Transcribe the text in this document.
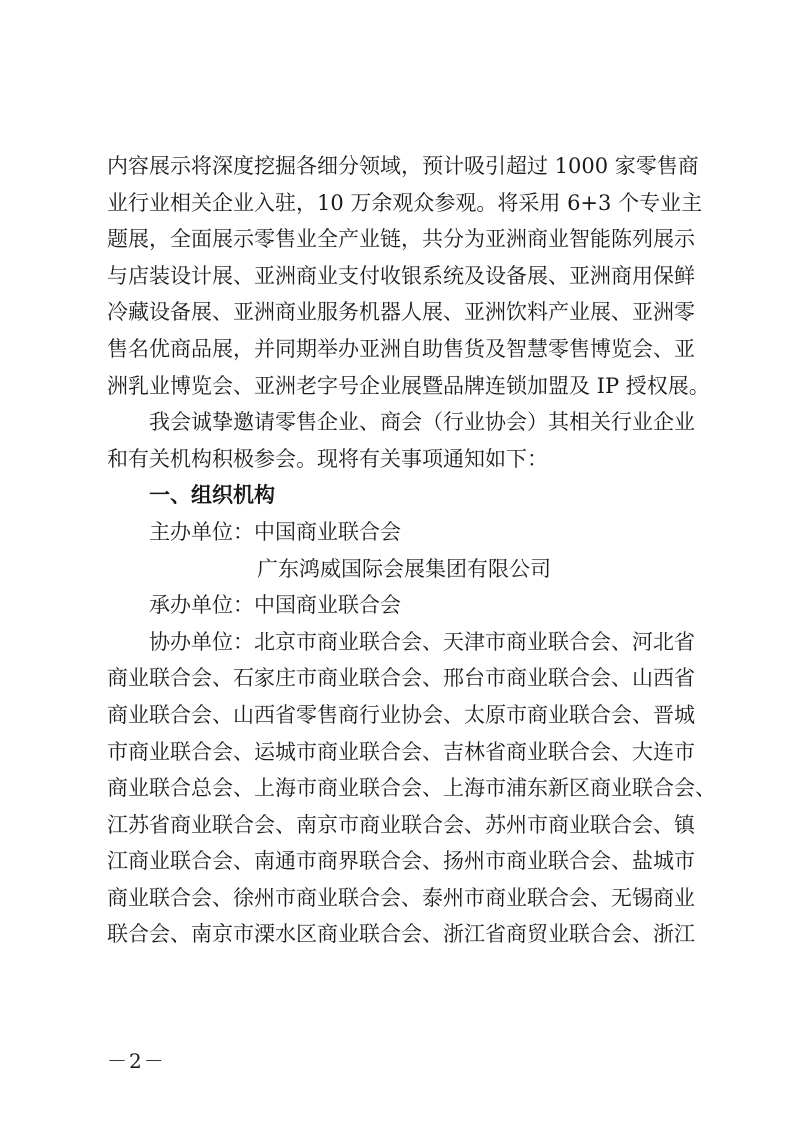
内容展示将深度挖掘各细分领域，预计吸引超过 1000 家零售商
业行业相关企业入驻，10 万余观众参观。将采用 6+3 个专业主
题展，全面展示零售业全产业链，共分为亚洲商业智能陈列展示
与店装设计展、亚洲商业支付收银系统及设备展、亚洲商用保鲜
冷藏设备展、亚洲商业服务机器人展、亚洲饮料产业展、亚洲零
售名优商品展，并同期举办亚洲自助售货及智慧零售博览会、亚
洲乳业博览会、亚洲老字号企业展暨品牌连锁加盟及 IP 授权展。
我会诚挚邀请零售企业、商会（行业协会）其相关行业企业
和有关机构积极参会。现将有关事项通知如下：
一、组织机构
主办单位：中国商业联合会
广东鸿威国际会展集团有限公司
承办单位：中国商业联合会
协办单位：北京市商业联合会、天津市商业联合会、河北省
商业联合会、石家庄市商业联合会、邢台市商业联合会、山西省
商业联合会、山西省零售商行业协会、太原市商业联合会、晋城
市商业联合会、运城市商业联合会、吉林省商业联合会、大连市
商业联合总会、上海市商业联合会、上海市浦东新区商业联合会、
江苏省商业联合会、南京市商业联合会、苏州市商业联合会、镇
江商业联合会、南通市商界联合会、扬州市商业联合会、盐城市
商业联合会、徐州市商业联合会、泰州市商业联合会、无锡商业
联合会、南京市溧水区商业联合会、浙江省商贸业联合会、浙江
－2－
